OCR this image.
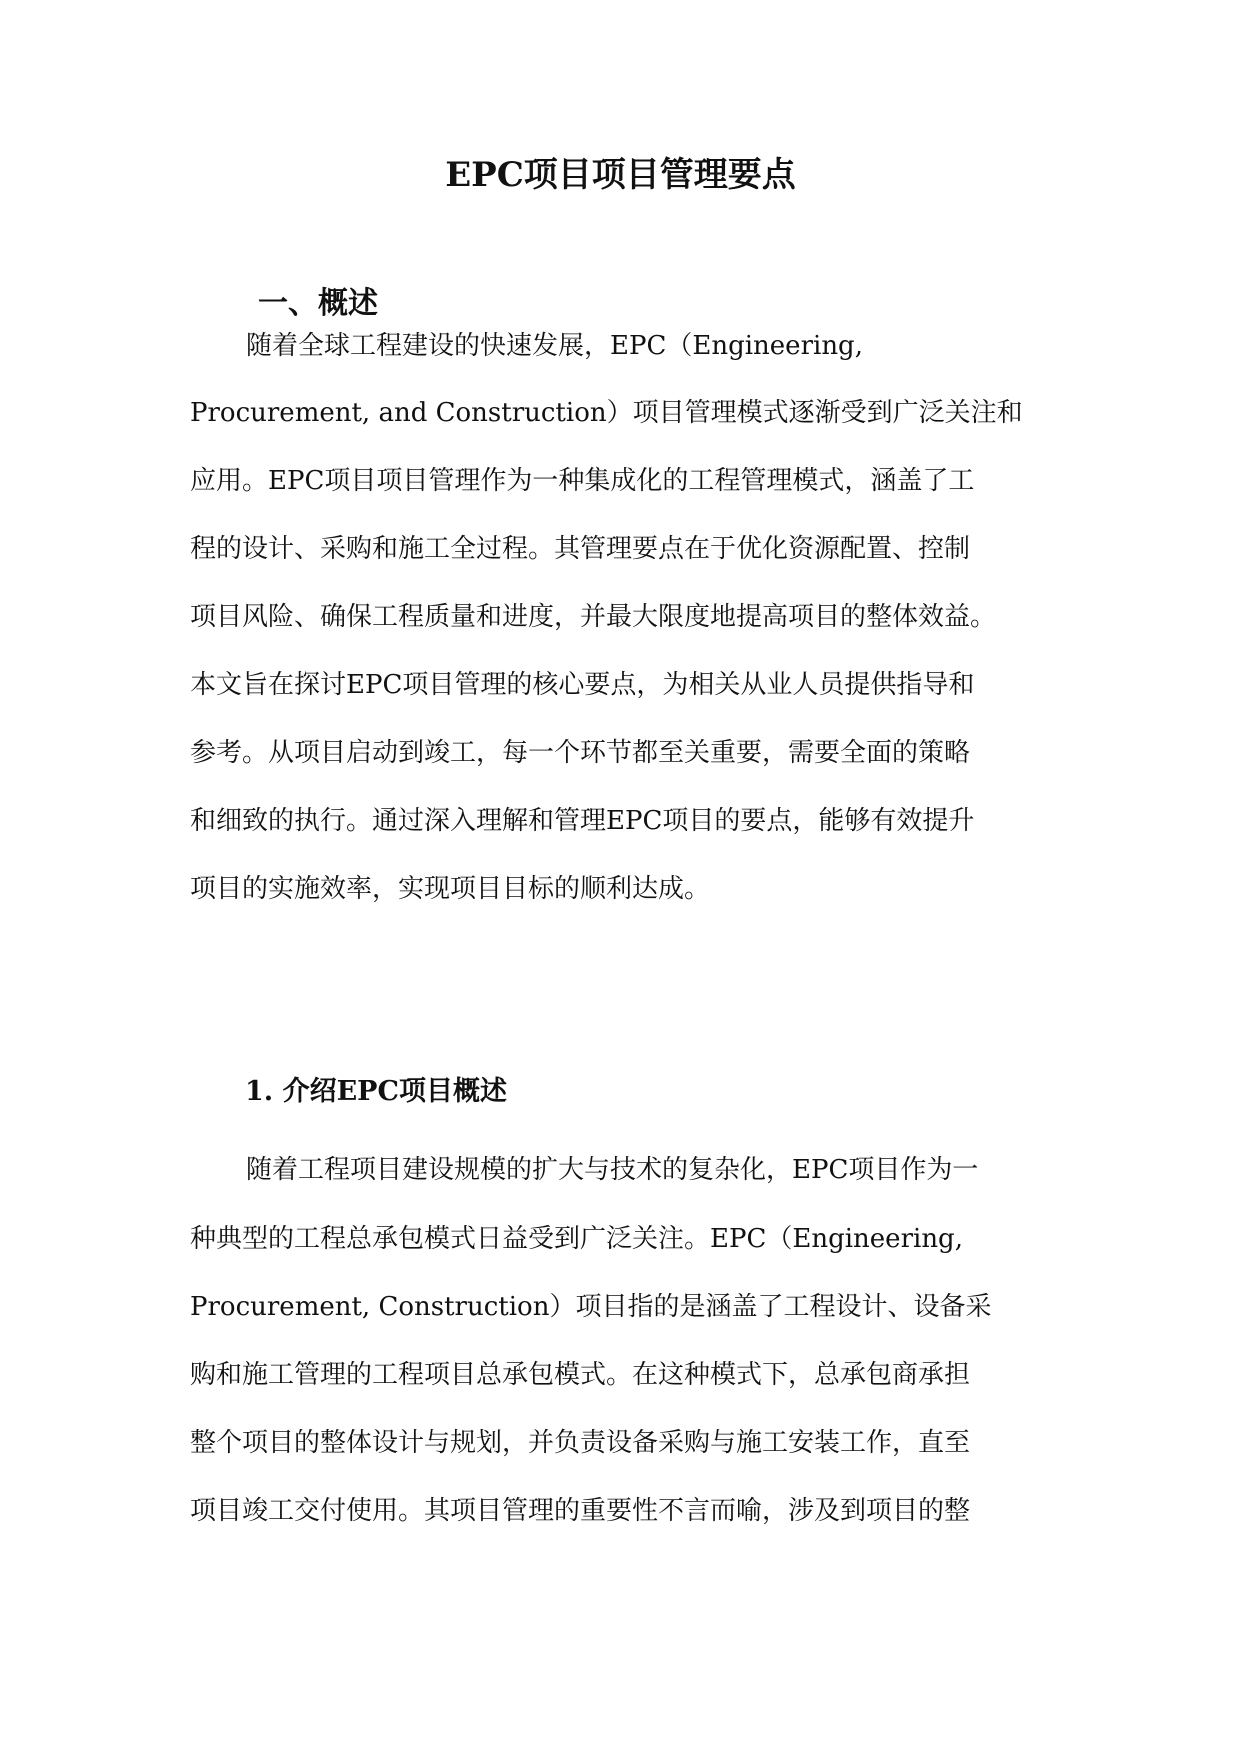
EPC项目项目管理要点
一、概述

随着全球工程建设的快速发展，EPC（Engineering,

Procurement, and Construction）项目管理模式逐渐受到广泛关注和

应用。EPC项目项目管理作为一种集成化的工程管理模式，涵盖了工

程的设计、采购和施工全过程。其管理要点在于优化资源配置、控制

项目风险、确保工程质量和进度，并最大限度地提高项目的整体效益。

本文旨在探讨EPC项目管理的核心要点，为相关从业人员提供指导和

参考。从项目启动到竣工，每一个环节都至关重要，需要全面的策略

和细致的执行。通过深入理解和管理EPC项目的要点，能够有效提升

项目的实施效率，实现项目目标的顺利达成。

1. 介绍EPC项目概述

随着工程项目建设规模的扩大与技术的复杂化，EPC项目作为一

种典型的工程总承包模式日益受到广泛关注。EPC（Engineering,

Procurement, Construction）项目指的是涵盖了工程设计、设备采

购和施工管理的工程项目总承包模式。在这种模式下，总承包商承担

整个项目的整体设计与规划，并负责设备采购与施工安装工作，直至

项目竣工交付使用。其项目管理的重要性不言而喻，涉及到项目的整
